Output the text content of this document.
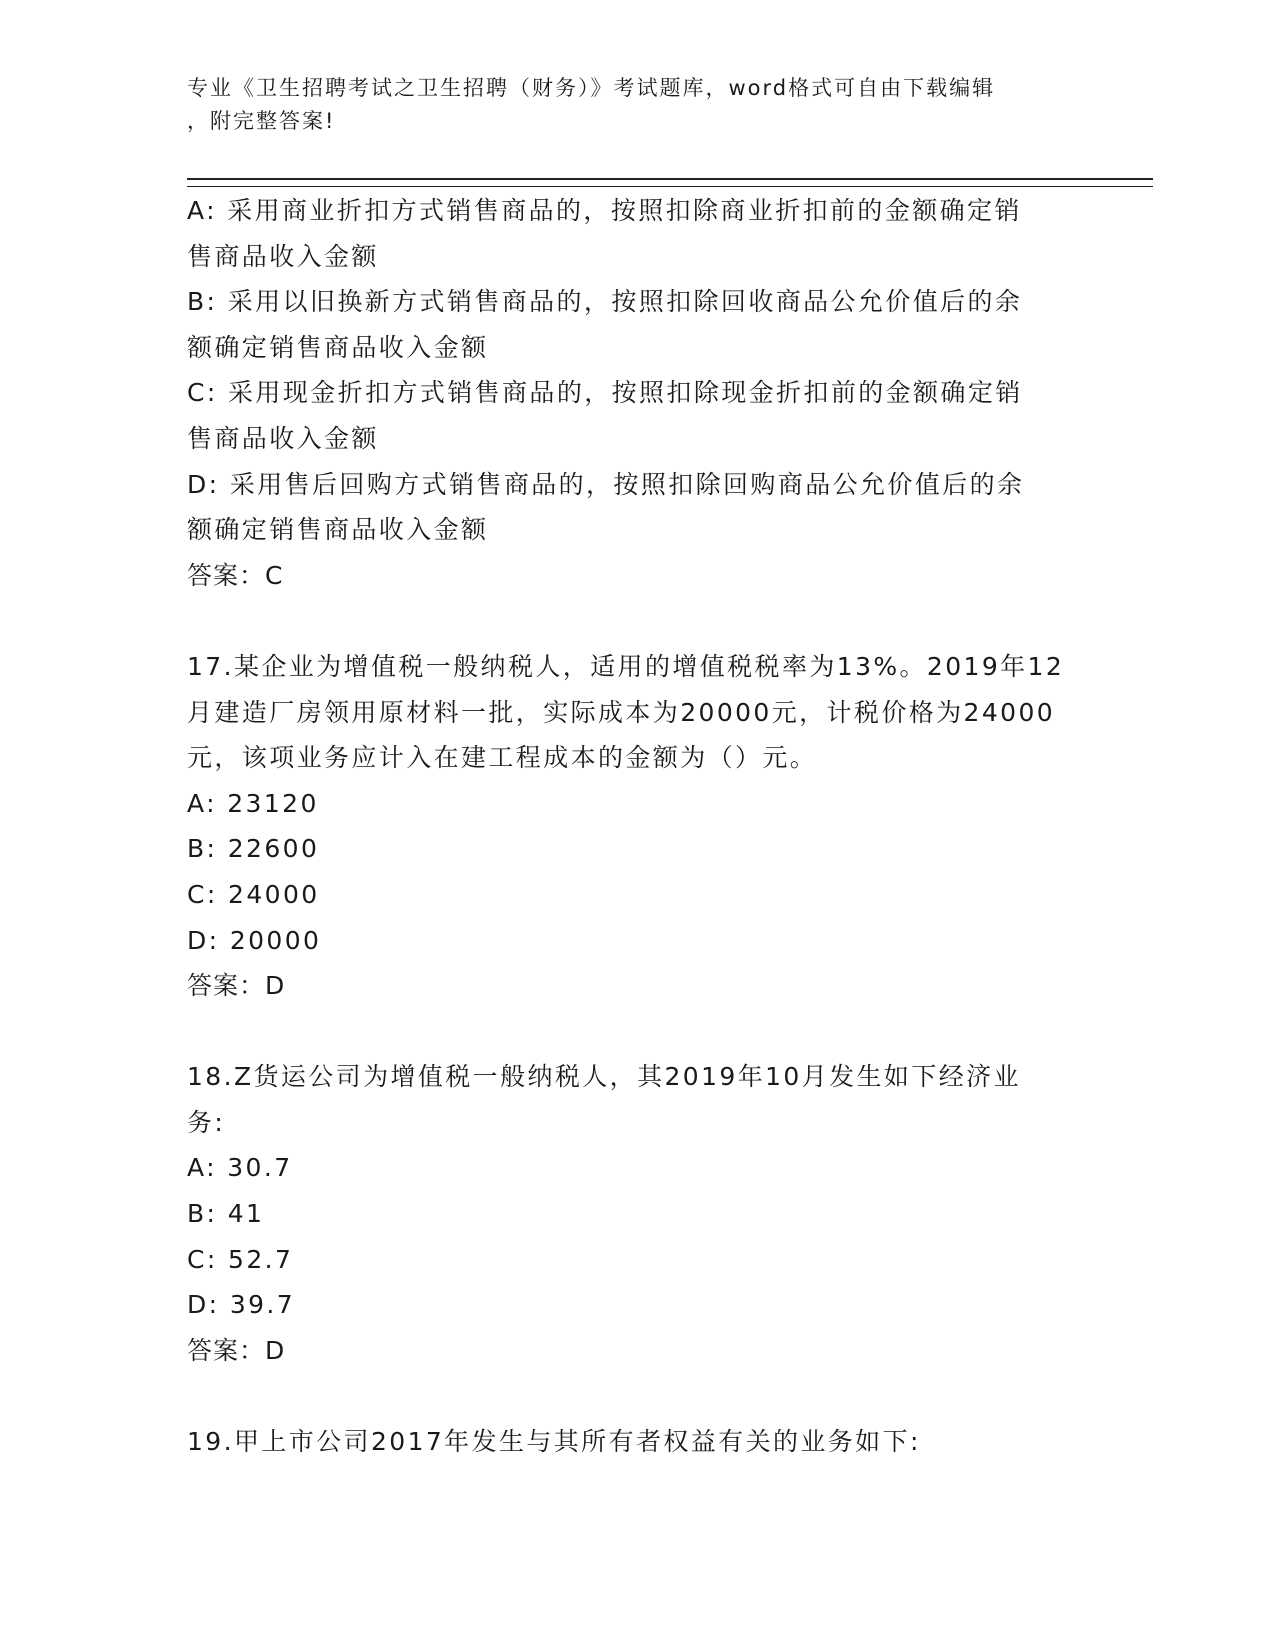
专业《卫生招聘考试之卫生招聘（财务）》考试题库，word格式可自由下载编辑
，附完整答案!
A: 采用商业折扣方式销售商品的，按照扣除商业折扣前的金额确定销
售商品收入金额
B: 采用以旧换新方式销售商品的，按照扣除回收商品公允价值后的余
额确定销售商品收入金额
C: 采用现金折扣方式销售商品的，按照扣除现金折扣前的金额确定销
售商品收入金额
D: 采用售后回购方式销售商品的，按照扣除回购商品公允价值后的余
额确定销售商品收入金额
答案：C
17.某企业为增值税一般纳税人，适用的增值税税率为13%。2019年12
月建造厂房领用原材料一批，实际成本为20000元，计税价格为24000
元，该项业务应计入在建工程成本的金额为（）元。
A: 23120
B: 22600
C: 24000
D: 20000
答案：D
18.Z货运公司为增值税一般纳税人，其2019年10月发生如下经济业
务:
A: 30.7
B: 41
C: 52.7
D: 39.7
答案：D
19.甲上市公司2017年发生与其所有者权益有关的业务如下:
